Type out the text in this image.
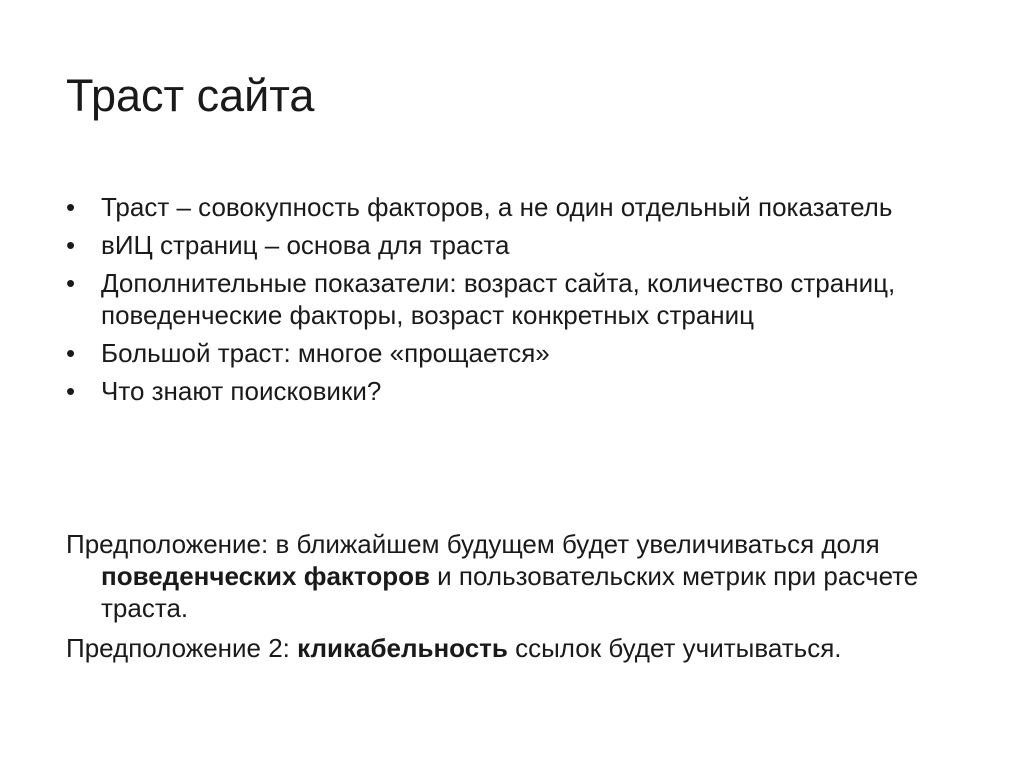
Траст сайта
• Траст – совокупность факторов, а не один отдельный показатель
• вИЦ страниц – основа для траста
• Дополнительные показатели: возраст сайта, количество страниц, поведенческие факторы, возраст конкретных страниц
• Большой траст: многое «прощается»
• Что знают поисковики?

Предположение: в ближайшем будущем будет увеличиваться доля поведенческих факторов и пользовательских метрик при расчете траста.

Предположение 2: кликабельность ссылок будет учитываться.
